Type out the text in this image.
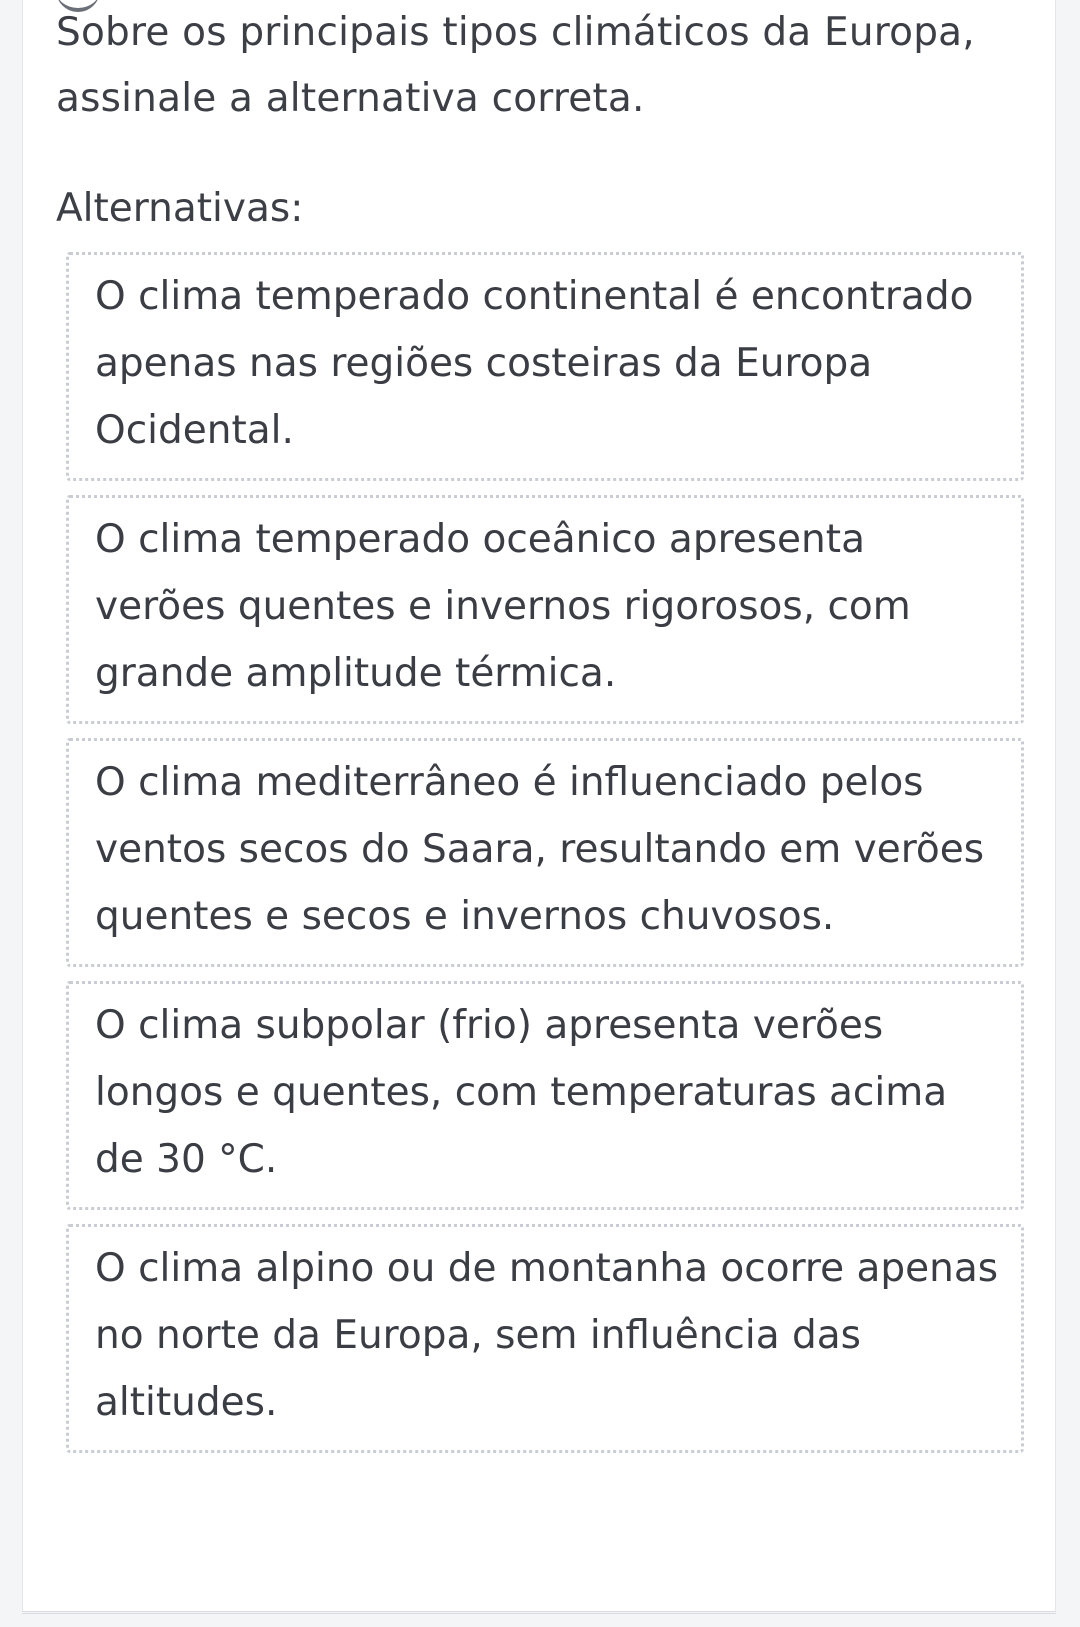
Sobre os principais tipos climáticos da Europa, assinale a alternativa correta.
Alternativas:
O clima temperado continental é encontrado apenas nas regiões costeiras da Europa Ocidental.
O clima temperado oceânico apresenta verões quentes e invernos rigorosos, com grande amplitude térmica.
O clima mediterrâneo é influenciado pelos ventos secos do Saara, resultando em verões quentes e secos e invernos chuvosos.
O clima subpolar (frio) apresenta verões longos e quentes, com temperaturas acima de 30 °C.
O clima alpino ou de montanha ocorre apenas no norte da Europa, sem influência das altitudes.
